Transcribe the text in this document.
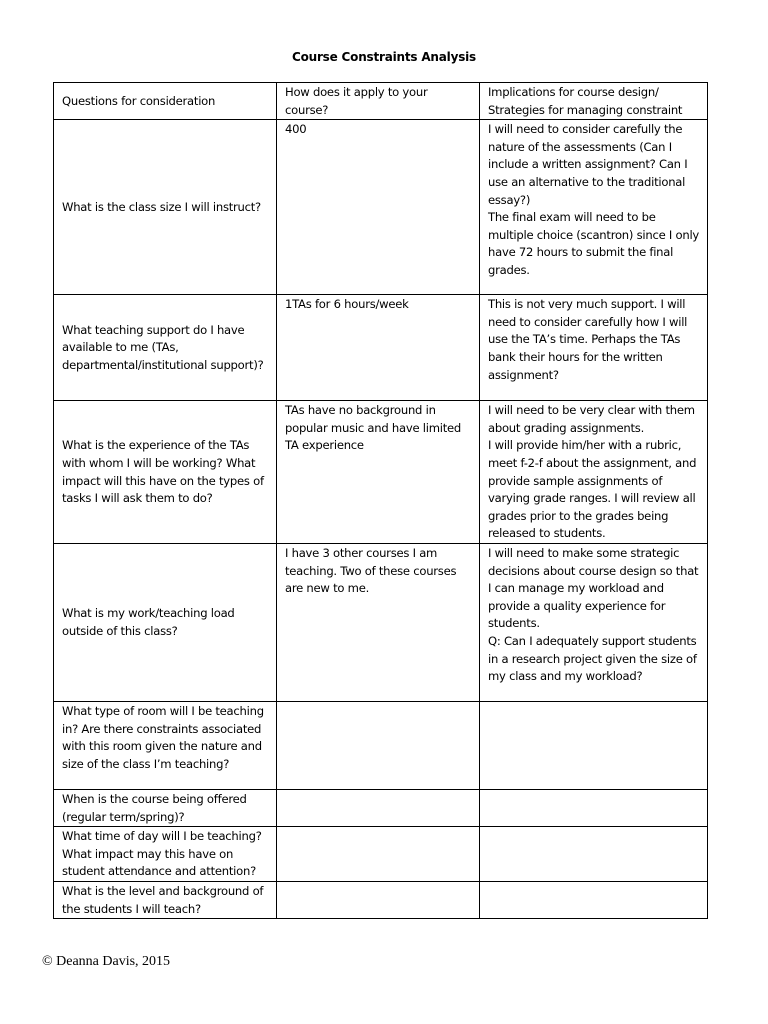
Course Constraints Analysis
Questions for consideration	How does it apply to your course?	Implications for course design/ Strategies for managing constraint
What is the class size I will instruct?	400	I will need to consider carefully the nature of the assessments (Can I include a written assignment? Can I use an alternative to the traditional essay?)
The final exam will need to be multiple choice (scantron) since I only have 72 hours to submit the final grades.
What teaching support do I have available to me (TAs, departmental/institutional support)?	1TAs for 6 hours/week	This is not very much support. I will need to consider carefully how I will use the TA’s time. Perhaps the TAs bank their hours for the written assignment?
What is the experience of the TAs with whom I will be working? What impact will this have on the types of tasks I will ask them to do?	TAs have no background in popular music and have limited TA experience	I will need to be very clear with them about grading assignments.
I will provide him/her with a rubric, meet f-2-f about the assignment, and provide sample assignments of varying grade ranges. I will review all grades prior to the grades being released to students.
What is my work/teaching load outside of this class?	I have 3 other courses I am teaching. Two of these courses are new to me.	I will need to make some strategic decisions about course design so that I can manage my workload and provide a quality experience for students.
Q: Can I adequately support students in a research project given the size of my class and my workload?
What type of room will I be teaching in? Are there constraints associated with this room given the nature and size of the class I’m teaching?		
When is the course being offered (regular term/spring)?		
What time of day will I be teaching? What impact may this have on student attendance and attention?		
What is the level and background of the students I will teach?		
© Deanna Davis, 2015
